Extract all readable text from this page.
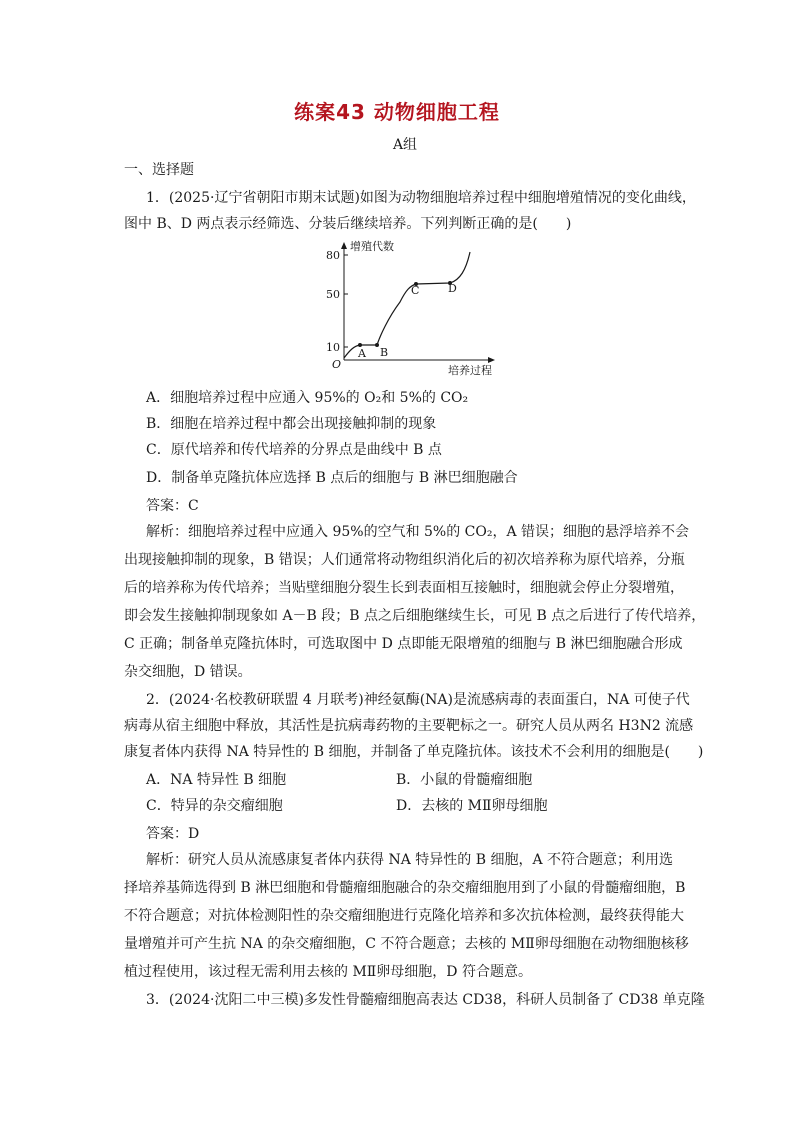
练案43 动物细胞工程
A组
一、选择题
1．(2025·辽宁省朝阳市期末试题)如图为动物细胞培养过程中细胞增殖情况的变化曲线，
图中 B、D 两点表示经筛选、分装后继续培养。下列判断正确的是(　　)
增殖代数
培养过程
O
80
50
10 A B
C	D
A．细胞培养过程中应通入 95%的 O₂和 5%的 CO₂
B．细胞在培养过程中都会出现接触抑制的现象
C．原代培养和传代培养的分界点是曲线中 B 点
D．制备单克隆抗体应选择 B 点后的细胞与 B 淋巴细胞融合
答案：C
解析：细胞培养过程中应通入 95%的空气和 5%的 CO₂，A 错误；细胞的悬浮培养不会
出现接触抑制的现象，B 错误；人们通常将动物组织消化后的初次培养称为原代培养，分瓶
后的培养称为传代培养；当贴壁细胞分裂生长到表面相互接触时，细胞就会停止分裂增殖，
即会发生接触抑制现象如 A－B 段；B 点之后细胞继续生长，可见 B 点之后进行了传代培养，
C 正确；制备单克隆抗体时，可选取图中 D 点即能无限增殖的细胞与 B 淋巴细胞融合形成
杂交细胞，D 错误。
2．(2024·名校教研联盟 4 月联考)神经氨酶(NA)是流感病毒的表面蛋白，NA 可使子代
病毒从宿主细胞中释放，其活性是抗病毒药物的主要靶标之一。研究人员从两名 H3N2 流感
康复者体内获得 NA 特异性的 B 细胞，并制备了单克隆抗体。该技术不会利用的细胞是(　　)
A．NA 特异性 B 细胞	B．小鼠的骨髓瘤细胞
C．特异的杂交瘤细胞	D．去核的 MⅡ卵母细胞
答案：D
解析：研究人员从流感康复者体内获得 NA 特异性的 B 细胞，A 不符合题意；利用选
择培养基筛选得到 B 淋巴细胞和骨髓瘤细胞融合的杂交瘤细胞用到了小鼠的骨髓瘤细胞，B
不符合题意；对抗体检测阳性的杂交瘤细胞进行克隆化培养和多次抗体检测，最终获得能大
量增殖并可产生抗 NA 的杂交瘤细胞，C 不符合题意；去核的 MⅡ卵母细胞在动物细胞核移
植过程使用，该过程无需利用去核的 MⅡ卵母细胞，D 符合题意。
3．(2024·沈阳二中三模)多发性骨髓瘤细胞高表达 CD38，科研人员制备了 CD38 单克隆
